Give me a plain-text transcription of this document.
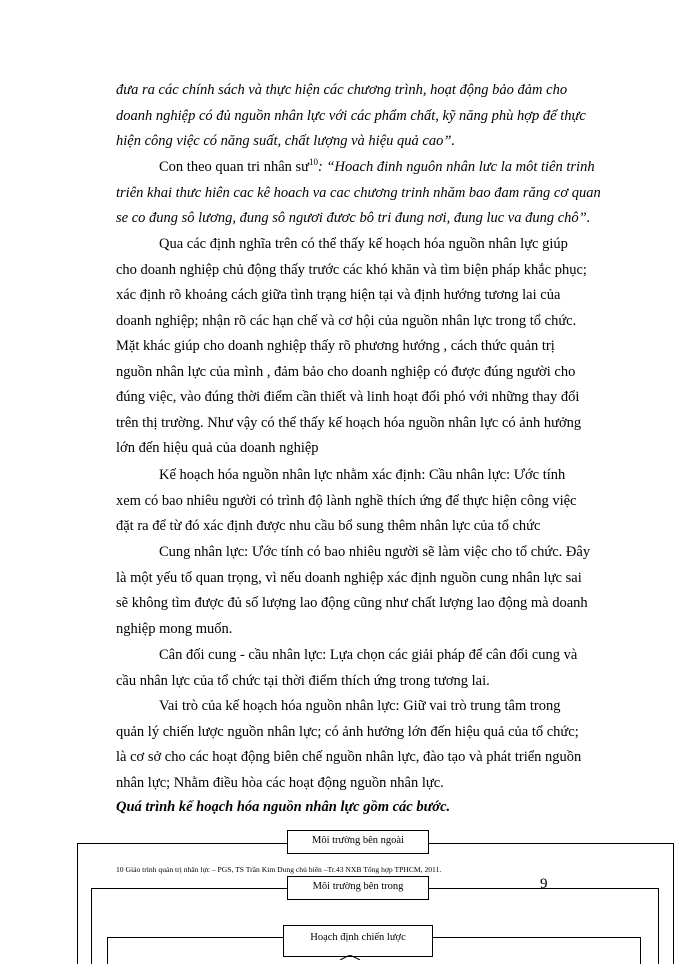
đưa ra các chính sách và thực hiện các chương trình, hoạt động bảo đảm cho
doanh nghiệp có đủ nguồn nhân lực với các phẩm chất, kỹ năng phù hợp để thực
hiện công việc có năng suất, chất lượng và hiệu quả cao”.

Con theo quan tri nhân $sư^{10}$: “Hoach đinh nguôn nhân lưc la môt tiên trinh
triên khai thưc hiên cac kê hoach va cac chương trinh nhăm bao đam răng cơ quan
se co đung sô lương, đung sô ngươi đươc bô tri đung nơi, đung luc va đung chô”.

Qua các định nghĩa trên có thể thấy kế hoạch hóa nguồn nhân lực giúp
cho doanh nghiệp chủ động thấy trước các khó khăn và tìm biện pháp khắc phục;
xác định rõ khoảng cách giữa tình trạng hiện tại và định hướng tương lai của
doanh nghiệp; nhận rõ các hạn chế và cơ hội của nguồn nhân lực trong tổ chức.
Mặt khác giúp cho doanh nghiệp thấy rõ phương hướng , cách thức quản trị
nguồn nhân lực của mình , đảm bảo cho doanh nghiệp có được đúng người cho
đúng việc, vào đúng thời điểm cần thiết và linh hoạt đối phó với những thay đổi
trên thị trường. Như vậy có thể thấy kế hoạch hóa nguồn nhân lực có ảnh hưởng
lớn đến hiệu quả của doanh nghiệp

Kế hoạch hóa nguồn nhân lực nhằm xác định: Cầu nhân lực: Ước tính
xem có bao nhiêu người có trình độ lành nghề thích ứng để thực hiện công việc
đặt ra để từ đó xác định được nhu cầu bổ sung thêm nhân lực của tổ chức

Cung nhân lực: Ước tính có bao nhiêu người sẽ làm việc cho tổ chức. Đây
là một yếu tố quan trọng, vì nếu doanh nghiệp xác định nguồn cung nhân lực sai
sẽ không tìm được đủ số lượng lao động cũng như chất lượng lao động mà doanh
nghiệp mong muốn.

Cân đối cung - cầu nhân lực: Lựa chọn các giải pháp để cân đối cung và
cầu nhân lực của tổ chức tại thời điểm thích ứng trong tương lai.

Vai trò của kế hoạch hóa nguồn nhân lực: Giữ vai trò trung tâm trong
quản lý chiến lược nguồn nhân lực; có ảnh hưởng lớn đến hiệu quả của tổ chức;
là cơ sở cho các hoạt động biên chế nguồn nhân lực, đào tạo và phát triển nguồn
nhân lực; Nhằm điều hòa các hoạt động nguồn nhân lực.

Quá trình kế hoạch hóa nguồn nhân lực gồm các bước.
Môi trường bên ngoài
Môi trường bên trong
Hoạch định chiến lược
10 Giáo trình quản trị nhân lực – PGS, TS Trần Kim Dung chủ biên –Tr.43 NXB Tổng hợp TPHCM, 2011.
9
